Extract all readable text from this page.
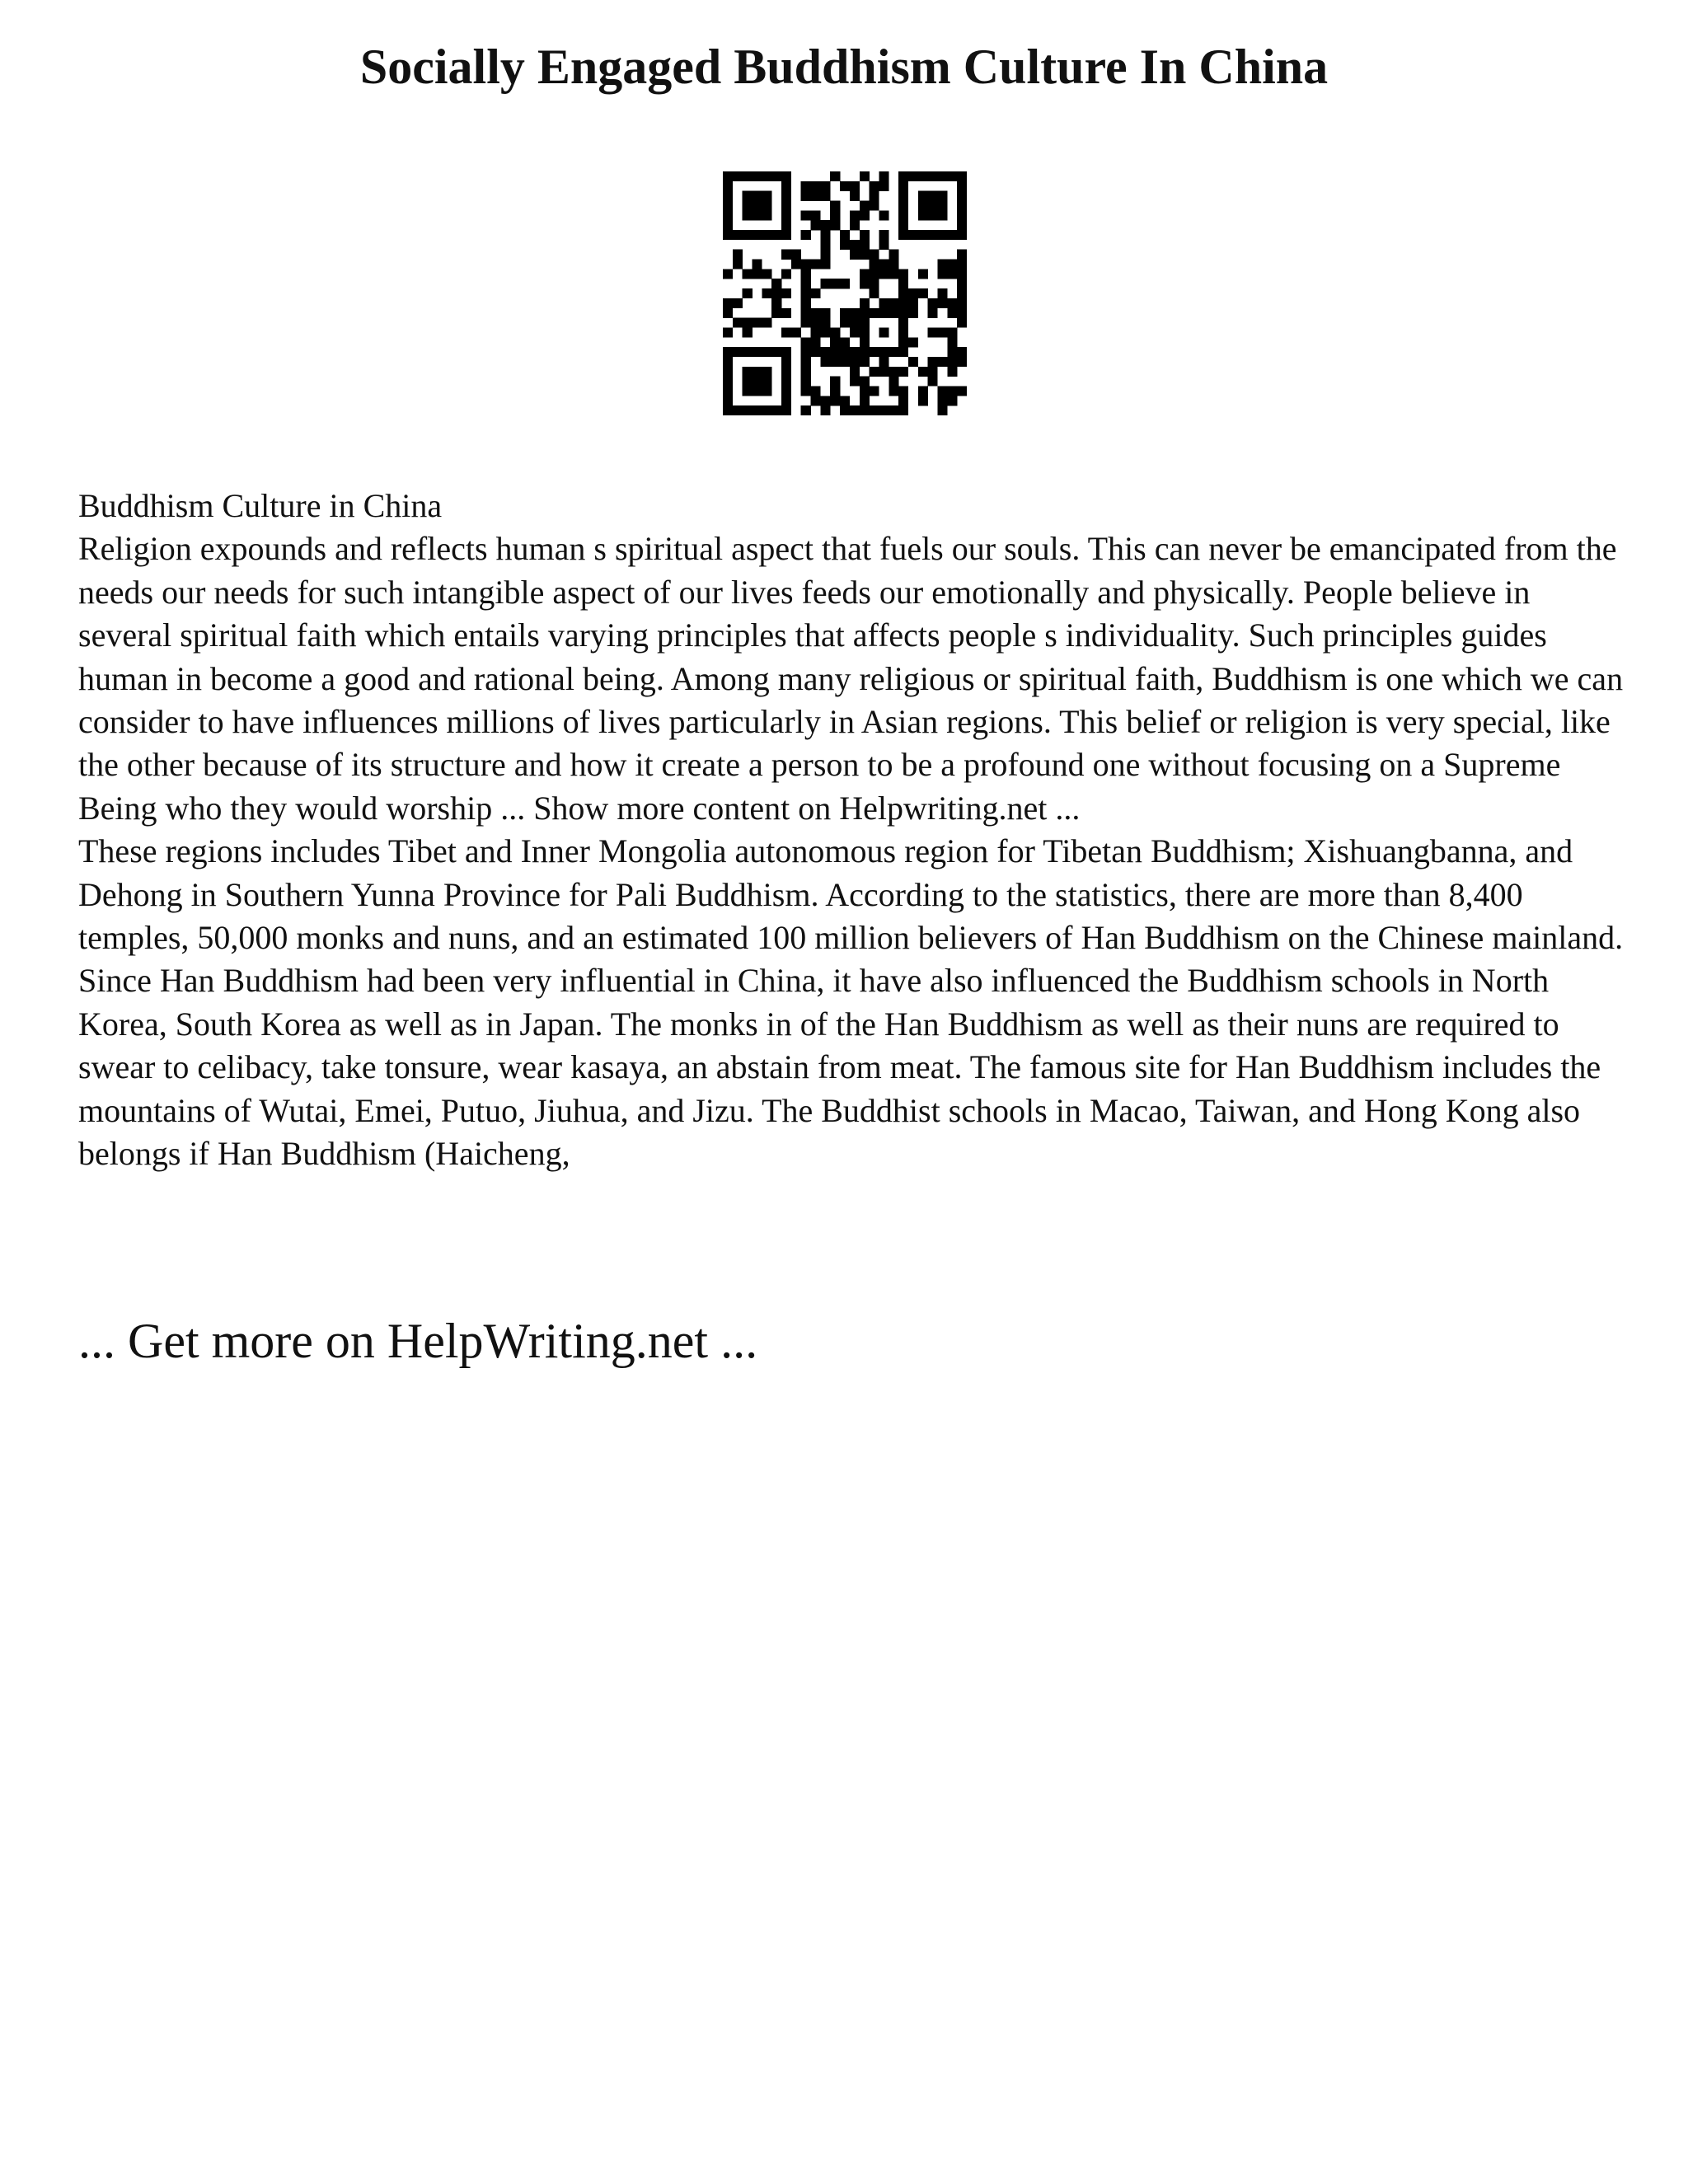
Socially Engaged Buddhism Culture In China

Buddhism Culture in China

Religion expounds and reflects human s spiritual aspect that fuels our souls. This can never be emancipated from the needs our needs for such intangible aspect of our lives feeds our emotionally and physically. People believe in several spiritual faith which entails varying principles that affects people s individuality. Such principles guides human in become a good and rational being. Among many religious or spiritual faith, Buddhism is one which we can consider to have influences millions of lives particularly in Asian regions. This belief or religion is very special, like the other because of its structure and how it create a person to be a profound one without focusing on a Supreme Being who they would worship ... Show more content on Helpwriting.net ...

These regions includes Tibet and Inner Mongolia autonomous region for Tibetan Buddhism; Xishuangbanna, and Dehong in Southern Yunna Province for Pali Buddhism. According to the statistics, there are more than 8,400 temples, 50,000 monks and nuns, and an estimated 100 million believers of Han Buddhism on the Chinese mainland. Since Han Buddhism had been very influential in China, it have also influenced the Buddhism schools in North Korea, South Korea as well as in Japan. The monks in of the Han Buddhism as well as their nuns are required to swear to celibacy, take tonsure, wear kasaya, an abstain from meat. The famous site for Han Buddhism includes the mountains of Wutai, Emei, Putuo, Jiuhua, and Jizu. The Buddhist schools in Macao, Taiwan, and Hong Kong also belongs if Han Buddhism (Haicheng,

... Get more on HelpWriting.net ...
